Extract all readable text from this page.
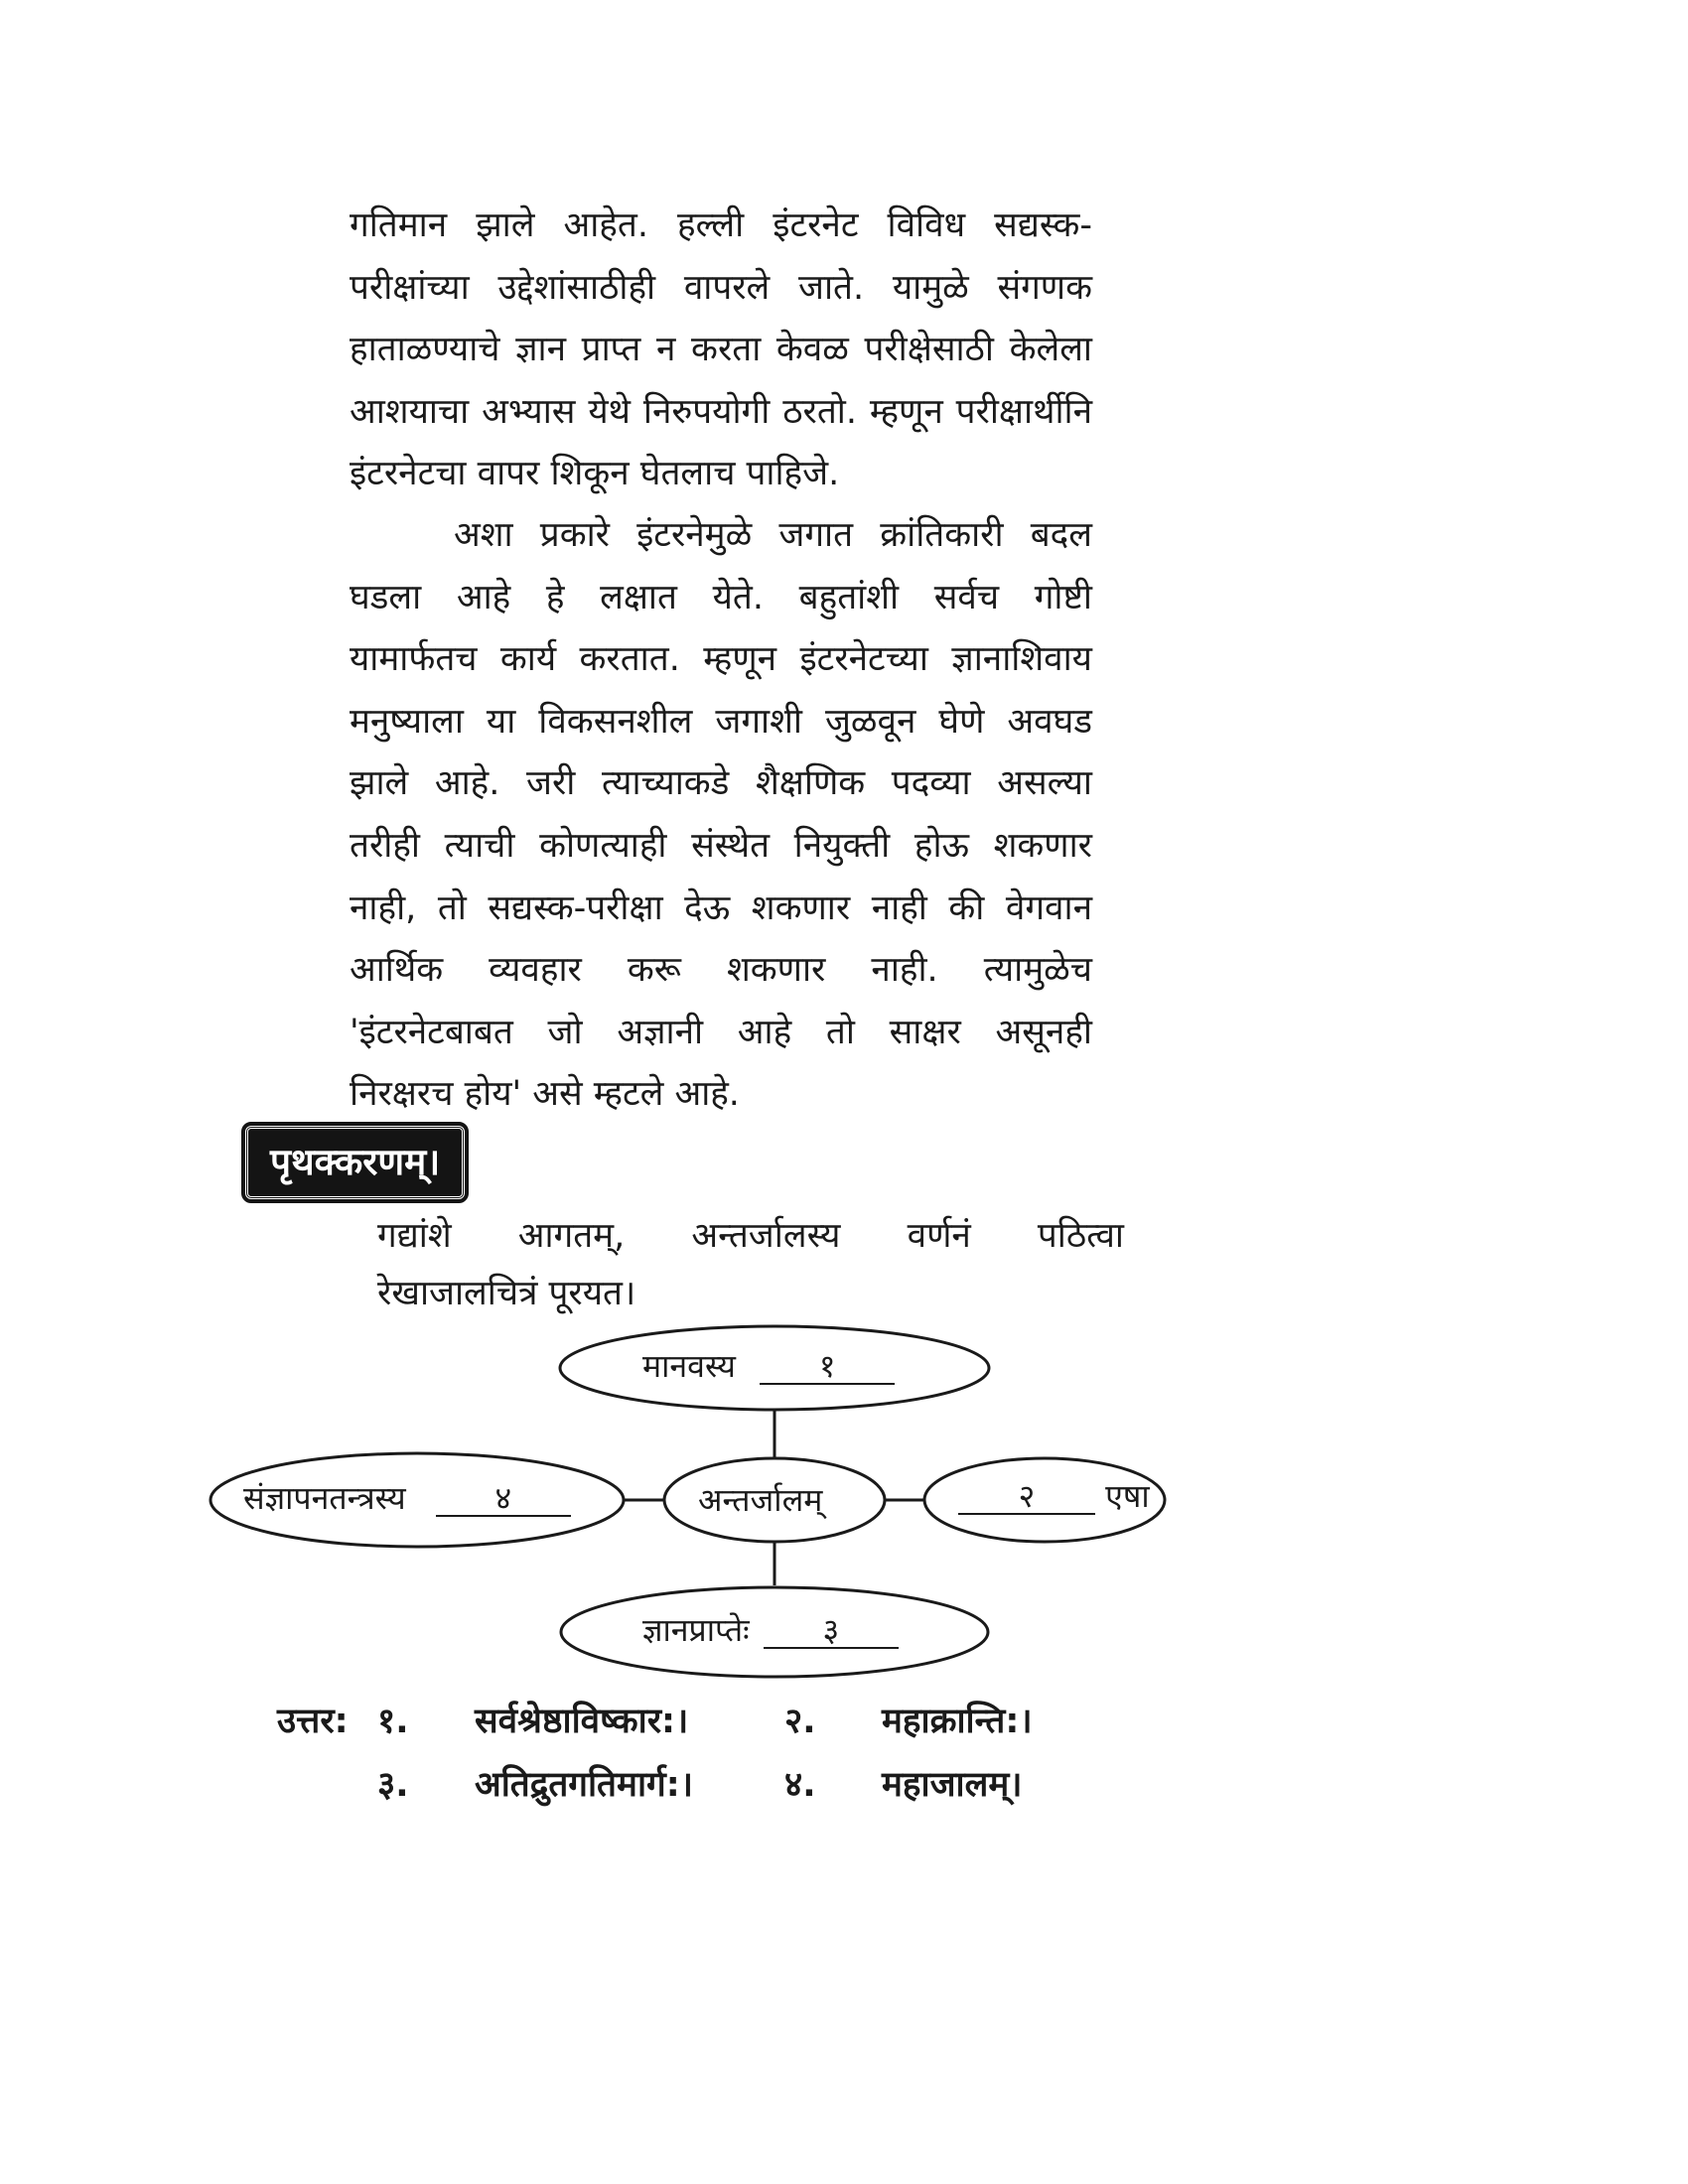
गतिमान झाले आहेत. हल्ली इंटरनेट विविध सद्यस्क-
परीक्षांच्या उद्देशांसाठीही वापरले जाते. यामुळे संगणक
हाताळण्याचे ज्ञान प्राप्त न करता केवळ परीक्षेसाठी केलेला
आशयाचा अभ्यास येथे निरुपयोगी ठरतो. म्हणून परीक्षार्थीनि
इंटरनेटचा वापर शिकून घेतलाच पाहिजे.
अशा प्रकारे इंटरनेमुळे जगात क्रांतिकारी बदल
घडला आहे हे लक्षात येते. बहुतांशी सर्वच गोष्टी
यामार्फतच कार्य करतात. म्हणून इंटरनेटच्या ज्ञानाशिवाय
मनुष्याला या विकसनशील जगाशी जुळवून घेणे अवघड
झाले आहे. जरी त्याच्याकडे शैक्षणिक पदव्या असल्या
तरीही त्याची कोणत्याही संस्थेत नियुक्ती होऊ शकणार
नाही, तो सद्यस्क-परीक्षा देऊ शकणार नाही की वेगवान
आर्थिक व्यवहार करू शकणार नाही. त्यामुळेच
'इंटरनेटबाबत जो अज्ञानी आहे तो साक्षर असूनही
निरक्षरच होय' असे म्हटले आहे.
पृथक्करणम्।
गद्यांशे आगतम्, अन्तर्जालस्य वर्णनं पठित्वा
रेखाजालचित्रं पूरयत।
अन्तर्जालम्
मानवस्य	१
संज्ञापनतन्त्रस्य	४	२ एषा
ज्ञानप्राप्तेः ३
उत्तर: १. सर्वश्रेष्ठाविष्कार:।	२. महाक्रान्ति:।
३. अतिद्रुतगतिमार्ग:।	४. महाजालम्।
